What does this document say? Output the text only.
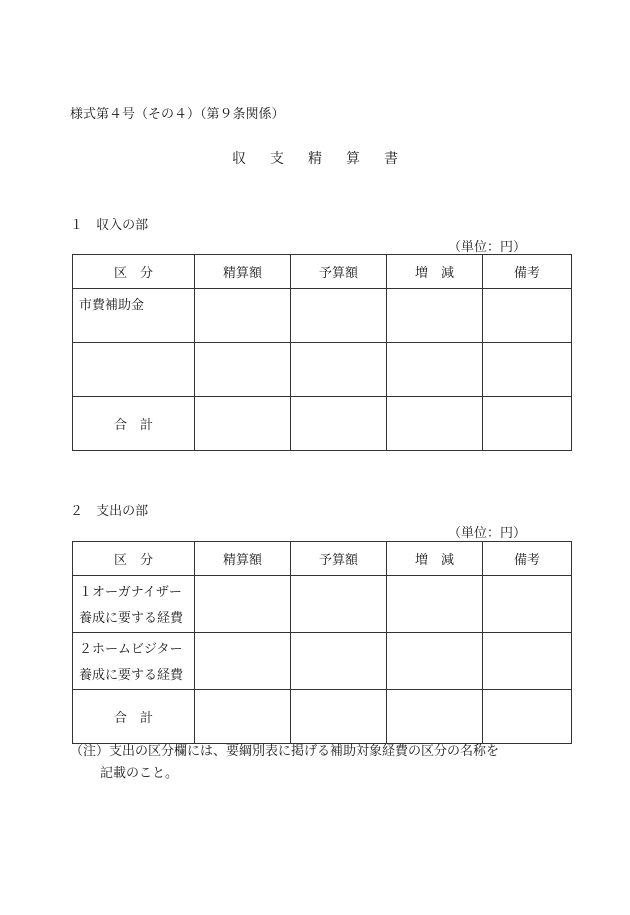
様式第４号（その４）（第９条関係）
収支精算書
１ 収入の部
（単位：円）
区　分	精算額	予算額	増　減	備考
市費補助金				

合　計				
２ 支出の部
（単位：円）
区　分	精算額	予算額	増　減	備考

１オーガナイザー
養成に要する経費				

２ホームビジター
養成に要する経費				

合　計				
（注）支出の区分欄には、要綱別表に掲げる補助対象経費の区分の名称を
記載のこと。
